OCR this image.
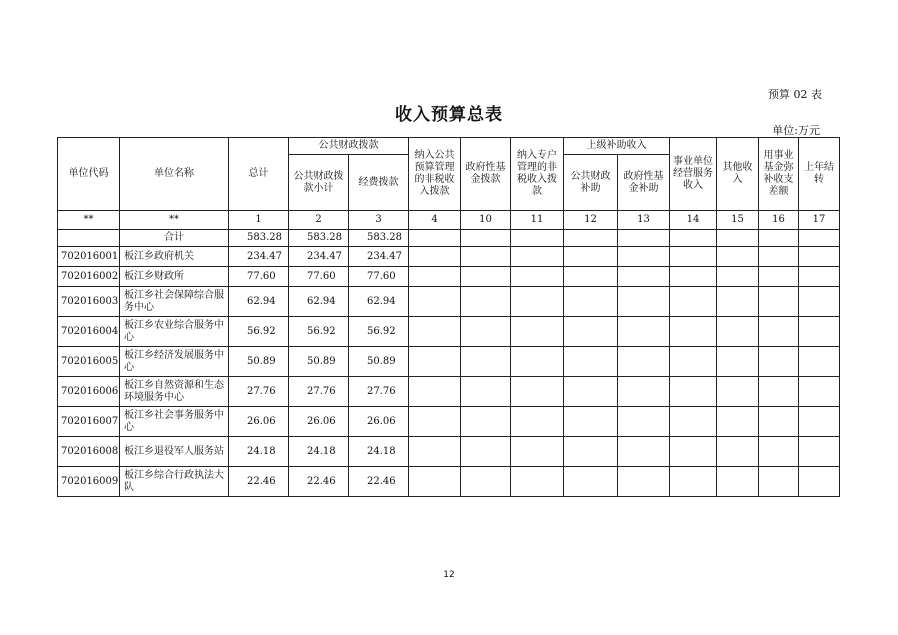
预算 02 表
收入预算总表
单位:万元
单位代码	单位名称	总计	公共财政拨款		纳入公共预算管理的非税收入拨款	政府性基金拨款	纳入专户管理的非税收入拨款	上级补助收入		事业单位经营服务收入	其他收入	用事业基金弥补收支差额	上年结转
			公共财政拨款小计	经费拨款				公共财政补助	政府性基金补助				
**	**	1	2	3	4	10	11	12	13	14	15	16	17
	合计	583.28	583.28	583.28									
702016001	板江乡政府机关	234.47	234.47	234.47									
702016002	板江乡财政所	77.60	77.60	77.60									
702016003	板江乡社会保障综合服务中心	62.94	62.94	62.94									
702016004	板江乡农业综合服务中心	56.92	56.92	56.92									
702016005	板江乡经济发展服务中心	50.89	50.89	50.89									
702016006	板江乡自然资源和生态环境服务中心	27.76	27.76	27.76									
702016007	板江乡社会事务服务中心	26.06	26.06	26.06									
702016008	板江乡退役军人服务站	24.18	24.18	24.18									
702016009	板江乡综合行政执法大队	22.46	22.46	22.46									
12
